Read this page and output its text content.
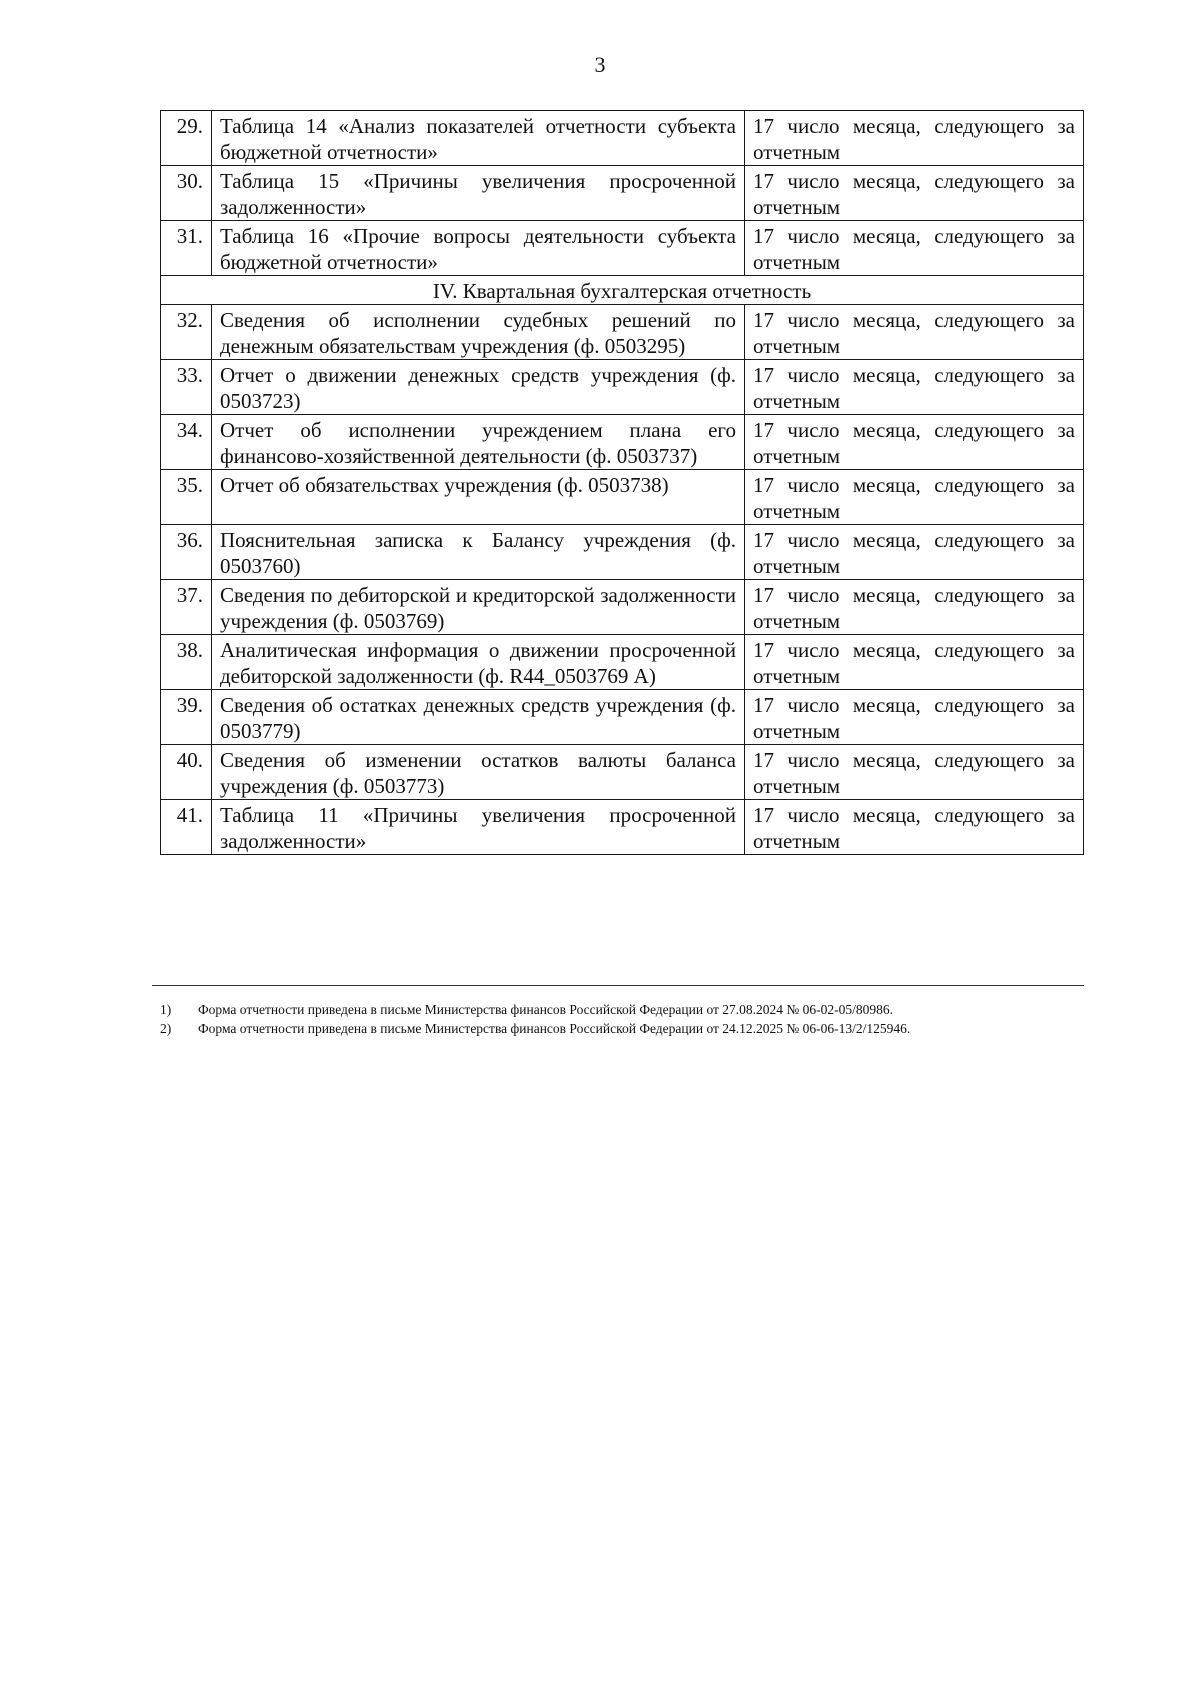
3
29.	Таблица 14 «Анализ показателей отчетности субъекта бюджетной отчетности»	17 число месяца, следующего за отчетным
30.	Таблица 15 «Причины увеличения просроченной задолженности»	17 число месяца, следующего за отчетным
31.	Таблица 16 «Прочие вопросы деятельности субъекта бюджетной отчетности»	17 число месяца, следующего за отчетным
IV. Квартальная бухгалтерская отчетность		
32.	Сведения об исполнении судебных решений по денежным обязательствам учреждения (ф. 0503295)	17 число месяца, следующего за отчетным
33.	Отчет о движении денежных средств учреждения (ф. 0503723)	17 число месяца, следующего за отчетным
34.	Отчет об исполнении учреждением плана его финансово-хозяйственной деятельности (ф. 0503737)	17 число месяца, следующего за отчетным
35.	Отчет об обязательствах учреждения (ф. 0503738)	17 число месяца, следующего за отчетным
36.	Пояснительная записка к Балансу учреждения (ф. 0503760)	17 число месяца, следующего за отчетным
37.	Сведения по дебиторской и кредиторской задолженности учреждения (ф. 0503769)	17 число месяца, следующего за отчетным
38.	Аналитическая информация о движении просроченной дебиторской задолженности (ф. R44_0503769 А)	17 число месяца, следующего за отчетным
39.	Сведения об остатках денежных средств учреждения (ф. 0503779)	17 число месяца, следующего за отчетным
40.	Сведения об изменении остатков валюты баланса учреждения (ф. 0503773)	17 число месяца, следующего за отчетным
41.	Таблица 11 «Причины увеличения просроченной задолженности»	17 число месяца, следующего за отчетным
1)	Форма отчетности приведена в письме Министерства финансов Российской Федерации от 27.08.2024 № 06-02-05/80986.
2)	Форма отчетности приведена в письме Министерства финансов Российской Федерации от 24.12.2025 № 06-06-13/2/125946.
